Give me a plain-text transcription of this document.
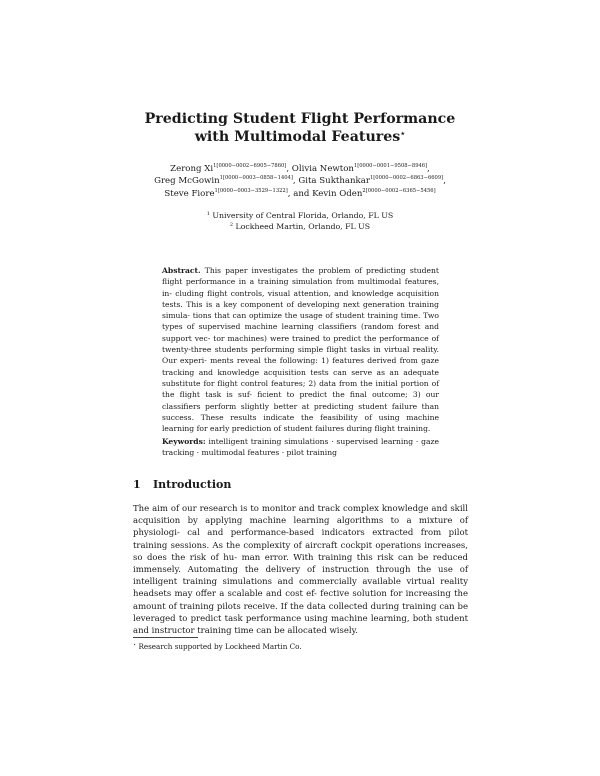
Predicting Student Flight Performance
with Multimodal Features⋆
Zerong $Xi^{1[0000-0002-6905-7860]}$, Olivia Newton$^{1[0000-0001-9508-8946]}$,
Greg McGowin$^{1[0000-0003-0858-1404]}$, Gita Sukthankar$^{1[0000-0002-6863-6609]}$,
Steve Fiore$^{1[0000-0003-3529-1322]}$, and Kevin Oden$^{2[0000-0002-6365-5456]}$
$^1$ University of Central Florida, Orlando, FL US
$^2$ Lockheed Martin, Orlando, FL US
Abstract. This paper investigates the problem of predicting student flight performance in a training simulation from multimodal features, in- cluding flight controls, visual attention, and knowledge acquisition tests. This is a key component of developing next generation training simula- tions that can optimize the usage of student training time. Two types of supervised machine learning classifiers (random forest and support vec- tor machines) were trained to predict the performance of twenty-three students performing simple flight tasks in virtual reality. Our experi- ments reveal the following: 1) features derived from gaze tracking and knowledge acquisition tests can serve as an adequate substitute for flight control features; 2) data from the initial portion of the flight task is suf- ficient to predict the final outcome; 3) our classifiers perform slightly better at predicting student failure than success. These results indicate the feasibility of using machine learning for early prediction of student failures during flight training.
Keywords: intelligent training simulations · supervised learning · gaze tracking · multimodal features · pilot training
1 Introduction
The aim of our research is to monitor and track complex knowledge and skill acquisition by applying machine learning algorithms to a mixture of physiologi- cal and performance-based indicators extracted from pilot training sessions. As the complexity of aircraft cockpit operations increases, so does the risk of hu- man error. With training this risk can be reduced immensely. Automating the delivery of instruction through the use of intelligent training simulations and commercially available virtual reality headsets may offer a scalable and cost ef- fective solution for increasing the amount of training pilots receive. If the data collected during training can be leveraged to predict task performance using machine learning, both student and instructor training time can be allocated wisely.
⋆ Research supported by Lockheed Martin Co.
